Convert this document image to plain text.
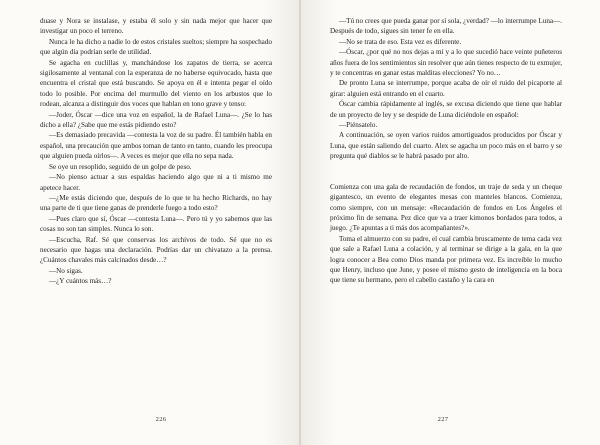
duase y Nora se instalase, y estaba él solo y sin nada mejor que hacer que investigar un poco el terreno.

Nunca le ha dicho a nadie lo de estos cristales sueltos; siempre ha sospechado que algún día podrían serle de utilidad.

Se agacha en cuclillas y, manchándose los zapatos de tierra, se acerca sigilosamente al ventanal con la esperanza de no haberse equivocado, hasta que encuentra el cristal que está buscando. Se apoya en él e intenta pegar el oído todo lo posible. Por encima del murmullo del viento en los arbustos que lo rodean, alcanza a distinguir dos voces que hablan en tono grave y tenso:

—Joder, Óscar —dice una voz en español, la de Rafael Luna—. ¿Se lo has dicho a ella? ¿Sabe que me estás pidiendo esto?

—Es demasiado precavida —contesta la voz de su padre. Él también habla en español, una precaución que ambos toman de tanto en tanto, cuando les preocupa que alguien pueda oírlos—. A veces es mejor que ella no sepa nada.

Se oye un resoplido, seguido de un golpe de peso.

—No pienso actuar a sus espaldas haciendo algo que ni a ti mismo me apetece hacer.

—¿Me estás diciendo que, después de lo que te ha hecho Richards, no hay una parte de ti que tiene ganas de prenderle fuego a todo esto?

—Pues claro que sí, Óscar —contesta Luna—. Pero tú y yo sabemos que las cosas no son tan simples. Nunca lo son.

—Escucha, Raf. Sé que conservas los archivos de todo. Sé que no es necesario que hagas una declaración. Podrías dar un chivatazo a la prensa. ¿Cuántos chavales más calcinados desde…?

—No sigas.

—¿Y cuántos más…?

226

—Tú no crees que pueda ganar por sí sola, ¿verdad? —lo interrumpe Luna—. Después de todo, sigues sin tener fe en ella.

—No se trata de eso. Esta vez es diferente.

—Óscar, ¿por qué no nos dejas a mí y a lo que sucedió hace veinte puñeteros años fuera de los sentimientos sin resolver que aún tienes respecto de tu exmujer, y te concentras en ganar estas malditas elecciones? Yo no…

De pronto Luna se interrumpe, porque acaba de oír el ruido del picaporte al girar: alguien está entrando en el cuarto.

Óscar cambia rápidamente al inglés, se excusa diciendo que tiene que hablar de un proyecto de ley y se despide de Luna diciéndole en español:

—Piénsatelo.

A continuación, se oyen varios ruidos amortiguados producidos por Óscar y Luna, que están saliendo del cuarto. Alex se agacha un poco más en el barro y se pregunta qué diablos se le habrá pasado por alto.

Comienza con una gala de recaudación de fondos, un traje de seda y un cheque gigantesco, un evento de elegantes mesas con manteles blancos. Comienza, como siempre, con un mensaje: «Recaudación de fondos en Los Ángeles el próximo fin de semana. Pez dice que va a traer kimonos bordados para todos, a juego. ¿Te apuntas a ti más dos acompañantes?».

Toma el almuerzo con su padre, el cual cambia bruscamente de tema cada vez que sale a Rafael Luna a colación, y al terminar se dirige a la gala, en la que logra conocer a Bea como Dios manda por primera vez. Es increíble lo mucho que Henry, incluso que June, y posee el mismo gesto de inteligencia en la boca que tiene su hermano, pero el cabello castaño y la cara en

227
